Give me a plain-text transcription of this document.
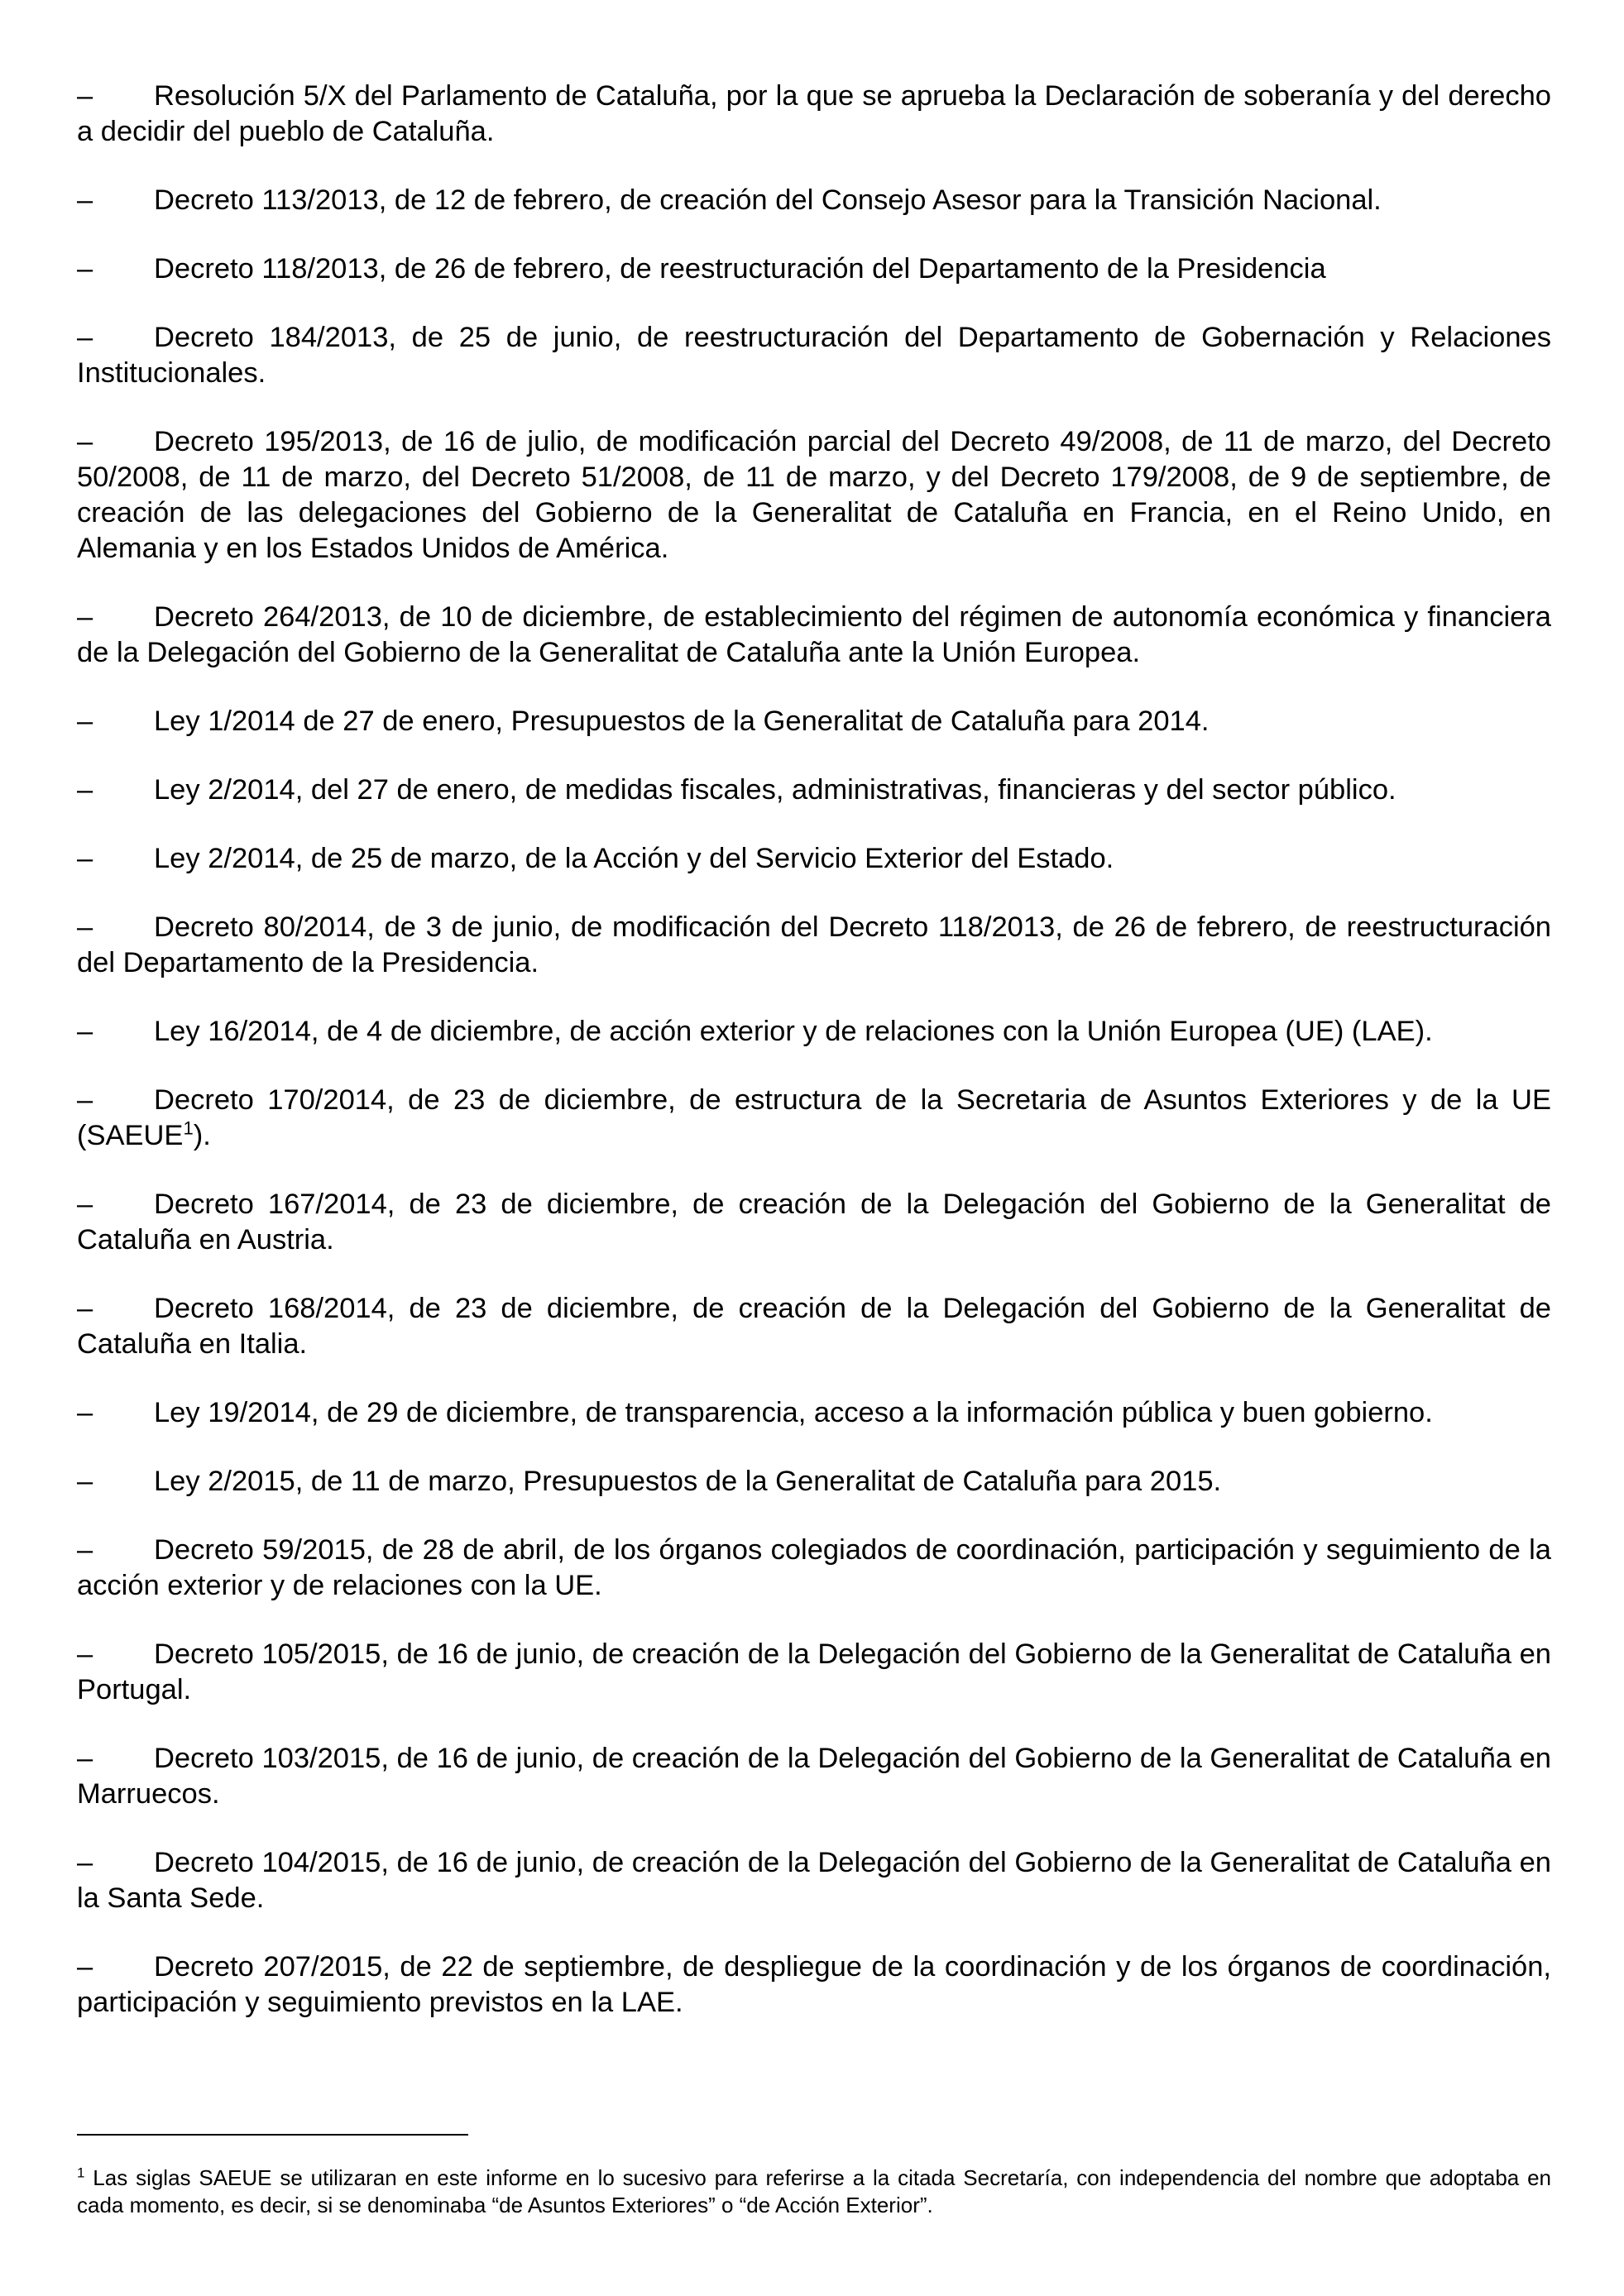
– Resolución 5/X del Parlamento de Cataluña, por la que se aprueba la Declaración de soberanía y del derecho a decidir del pueblo de Cataluña.

– Decreto 113/2013, de 12 de febrero, de creación del Consejo Asesor para la Transición Nacional.

– Decreto 118/2013, de 26 de febrero, de reestructuración del Departamento de la Presidencia

– Decreto 184/2013, de 25 de junio, de reestructuración del Departamento de Gobernación y Relaciones Institucionales.

– Decreto 195/2013, de 16 de julio, de modificación parcial del Decreto 49/2008, de 11 de marzo, del Decreto 50/2008, de 11 de marzo, del Decreto 51/2008, de 11 de marzo, y del Decreto 179/2008, de 9 de septiembre, de creación de las delegaciones del Gobierno de la Generalitat de Cataluña en Francia, en el Reino Unido, en Alemania y en los Estados Unidos de América.

– Decreto 264/2013, de 10 de diciembre, de establecimiento del régimen de autonomía económica y financiera de la Delegación del Gobierno de la Generalitat de Cataluña ante la Unión Europea.

– Ley 1/2014 de 27 de enero, Presupuestos de la Generalitat de Cataluña para 2014.

– Ley 2/2014, del 27 de enero, de medidas fiscales, administrativas, financieras y del sector público.

– Ley 2/2014, de 25 de marzo, de la Acción y del Servicio Exterior del Estado.

– Decreto 80/2014, de 3 de junio, de modificación del Decreto 118/2013, de 26 de febrero, de reestructuración del Departamento de la Presidencia.

– Ley 16/2014, de 4 de diciembre, de acción exterior y de relaciones con la Unión Europea (UE) (LAE).

– Decreto 170/2014, de 23 de diciembre, de estructura de la Secretaria de Asuntos Exteriores y de la UE (SAEUE$^1$).

– Decreto 167/2014, de 23 de diciembre, de creación de la Delegación del Gobierno de la Generalitat de Cataluña en Austria.

– Decreto 168/2014, de 23 de diciembre, de creación de la Delegación del Gobierno de la Generalitat de Cataluña en Italia.

– Ley 19/2014, de 29 de diciembre, de transparencia, acceso a la información pública y buen gobierno.

– Ley 2/2015, de 11 de marzo, Presupuestos de la Generalitat de Cataluña para 2015.

– Decreto 59/2015, de 28 de abril, de los órganos colegiados de coordinación, participación y seguimiento de la acción exterior y de relaciones con la UE.

– Decreto 105/2015, de 16 de junio, de creación de la Delegación del Gobierno de la Generalitat de Cataluña en Portugal.

– Decreto 103/2015, de 16 de junio, de creación de la Delegación del Gobierno de la Generalitat de Cataluña en Marruecos.

– Decreto 104/2015, de 16 de junio, de creación de la Delegación del Gobierno de la Generalitat de Cataluña en la Santa Sede.

– Decreto 207/2015, de 22 de septiembre, de despliegue de la coordinación y de los órganos de coordinación, participación y seguimiento previstos en la LAE.

$^1$ Las siglas SAEUE se utilizaran en este informe en lo sucesivo para referirse a la citada Secretaría, con independencia del nombre que adoptaba en cada momento, es decir, si se denominaba “de Asuntos Exteriores” o “de Acción Exterior”.
